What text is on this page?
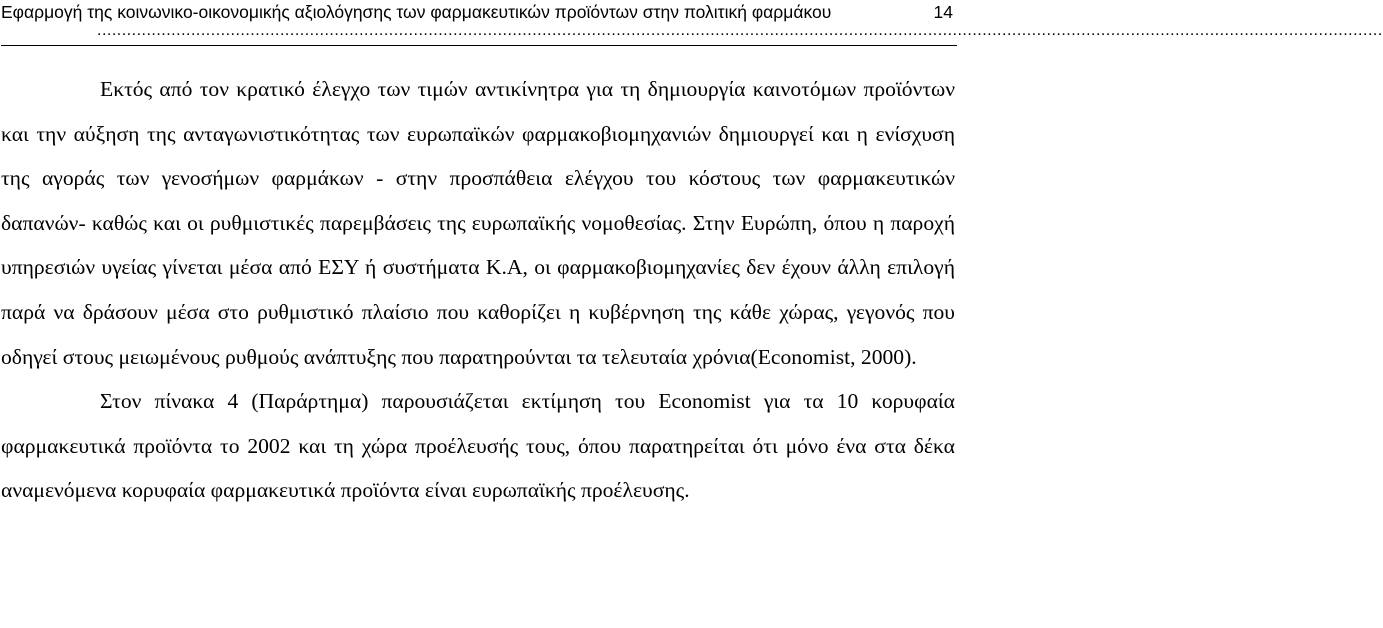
Εφαρμογή της κοινωνικο-οικονομικής αξιολόγησης των φαρμακευτικών προϊόντων στην πολιτική φαρμάκου
....................................................................................................................................................................................................................................................................
14

Εκτός από τον κρατικό έλεγχο των τιμών αντικίνητρα για τη δημιουργία καινοτόμων προϊόντων και την αύξηση της ανταγωνιστικότητας των ευρωπαϊκών φαρμακοβιομηχανιών δημιουργεί και η ενίσχυση της αγοράς των γενοσήμων φαρμάκων - στην προσπάθεια ελέγχου του κόστους των φαρμακευτικών δαπανών- καθώς και οι ρυθμιστικές παρεμβάσεις της ευρωπαϊκής νομοθεσίας. Στην Ευρώπη, όπου η παροχή υπηρεσιών υγείας γίνεται μέσα από ΕΣΥ ή συστήματα Κ.Α, οι φαρμακοβιομηχανίες δεν έχουν άλλη επιλογή παρά να δράσουν μέσα στο ρυθμιστικό πλαίσιο που καθορίζει η κυβέρνηση της κάθε χώρας, γεγονός που οδηγεί στους μειωμένους ρυθμούς ανάπτυξης που παρατηρούνται τα τελευταία χρόνια(Economist, 2000).

Στον πίνακα 4 (Παράρτημα) παρουσιάζεται εκτίμηση του Economist για τα 10 κορυφαία φαρμακευτικά προϊόντα το 2002 και τη χώρα προέλευσής τους, όπου παρατηρείται ότι μόνο ένα στα δέκα αναμενόμενα κορυφαία φαρμακευτικά προϊόντα είναι ευρωπαϊκής προέλευσης.
